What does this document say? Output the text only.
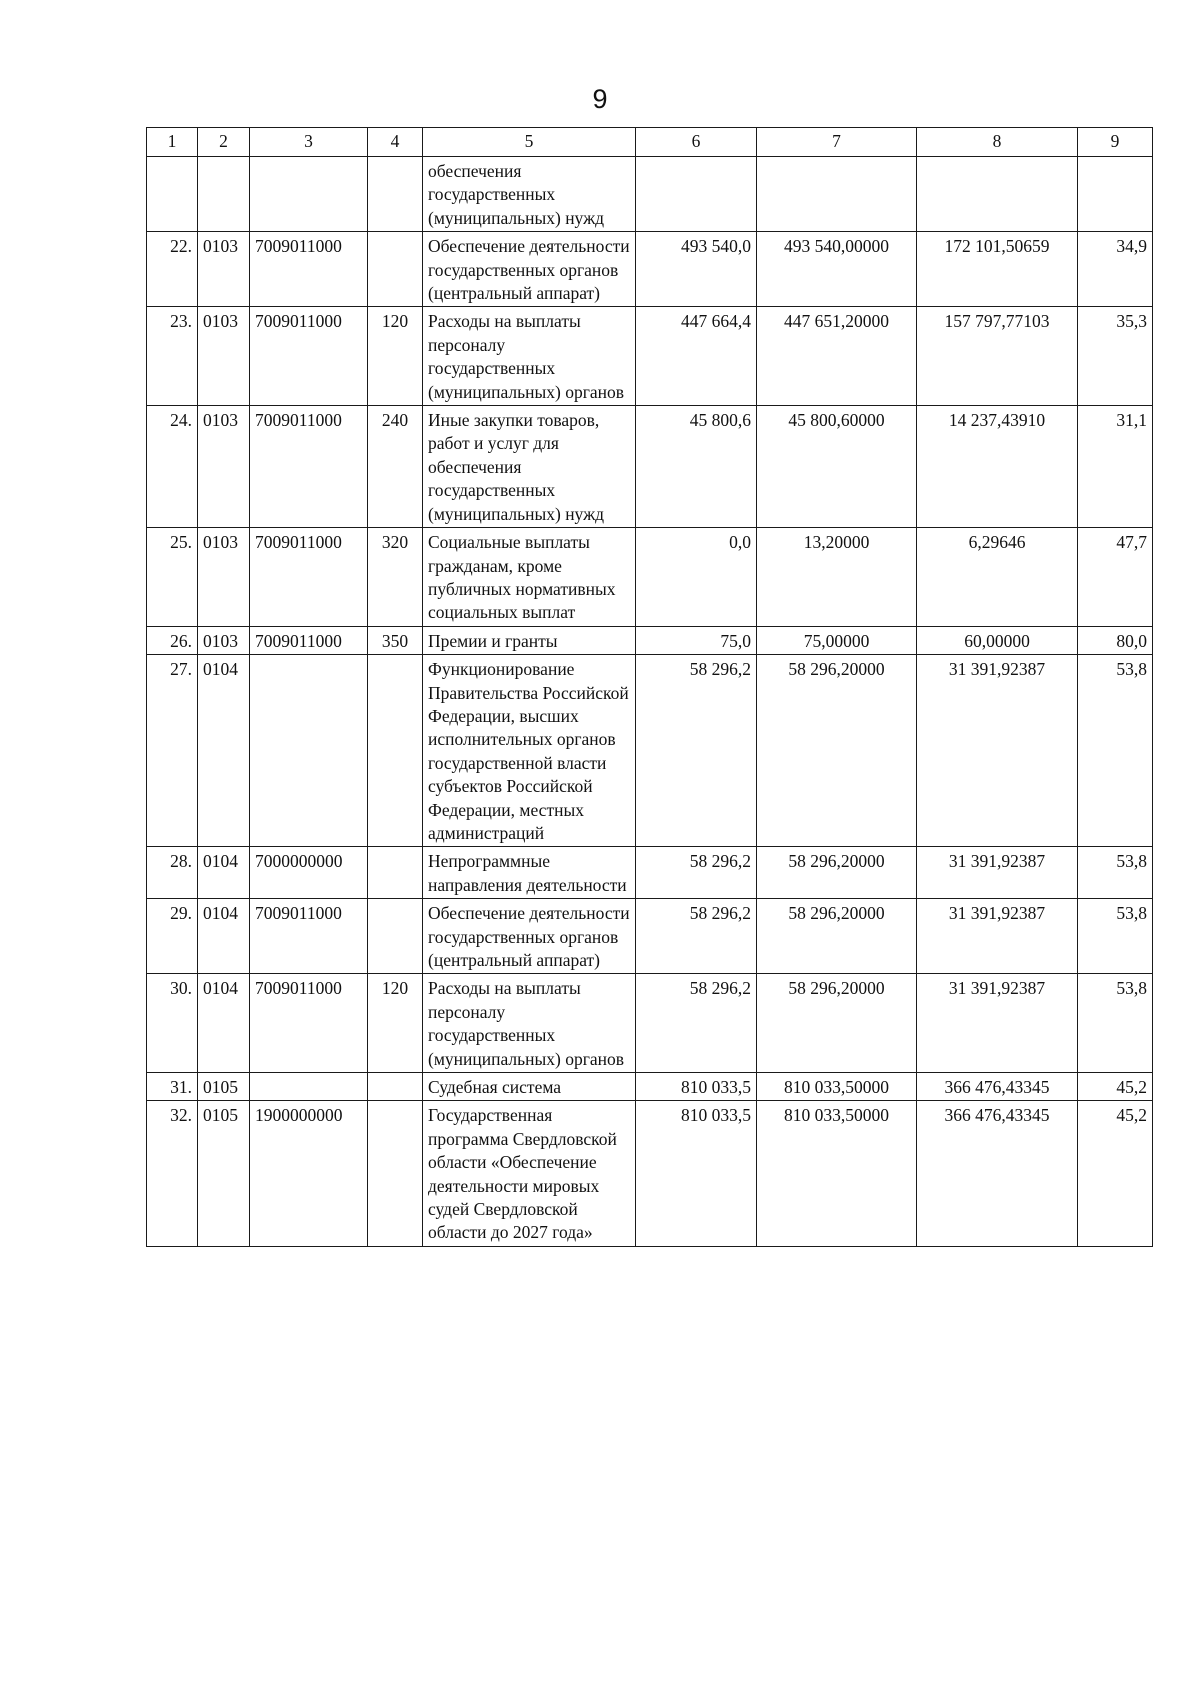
9
1	2	3	4	5	6	7	8	9
				обеспечения государственных (муниципальных) нужд				
22.	0103	7009011000		Обеспечение деятельности государственных органов (центральный аппарат)	493 540,0	493 540,00000	172 101,50659	34,9
23.	0103	7009011000	120	Расходы на выплаты персоналу государственных (муниципальных) органов	447 664,4	447 651,20000	157 797,77103	35,3
24.	0103	7009011000	240	Иные закупки товаров, работ и услуг для обеспечения государственных (муниципальных) нужд	45 800,6	45 800,60000	14 237,43910	31,1
25.	0103	7009011000	320	Социальные выплаты гражданам, кроме публичных нормативных социальных выплат	0,0	13,20000	6,29646	47,7
26.	0103	7009011000	350	Премии и гранты	75,0	75,00000	60,00000	80,0
27.	0104			Функционирование Правительства Российской Федерации, высших исполнительных органов государственной власти субъектов Российской Федерации, местных администраций	58 296,2	58 296,20000	31 391,92387	53,8
28.	0104	7000000000		Непрограммные направления деятельности	58 296,2	58 296,20000	31 391,92387	53,8
29.	0104	7009011000		Обеспечение деятельности государственных органов (центральный аппарат)	58 296,2	58 296,20000	31 391,92387	53,8
30.	0104	7009011000	120	Расходы на выплаты персоналу государственных (муниципальных) органов	58 296,2	58 296,20000	31 391,92387	53,8
31.	0105			Судебная система	810 033,5	810 033,50000	366 476,43345	45,2
32.	0105	1900000000		Государственная программа Свердловской области «Обеспечение деятельности мировых судей Свердловской области до 2027 года»	810 033,5	810 033,50000	366 476,43345	45,2
